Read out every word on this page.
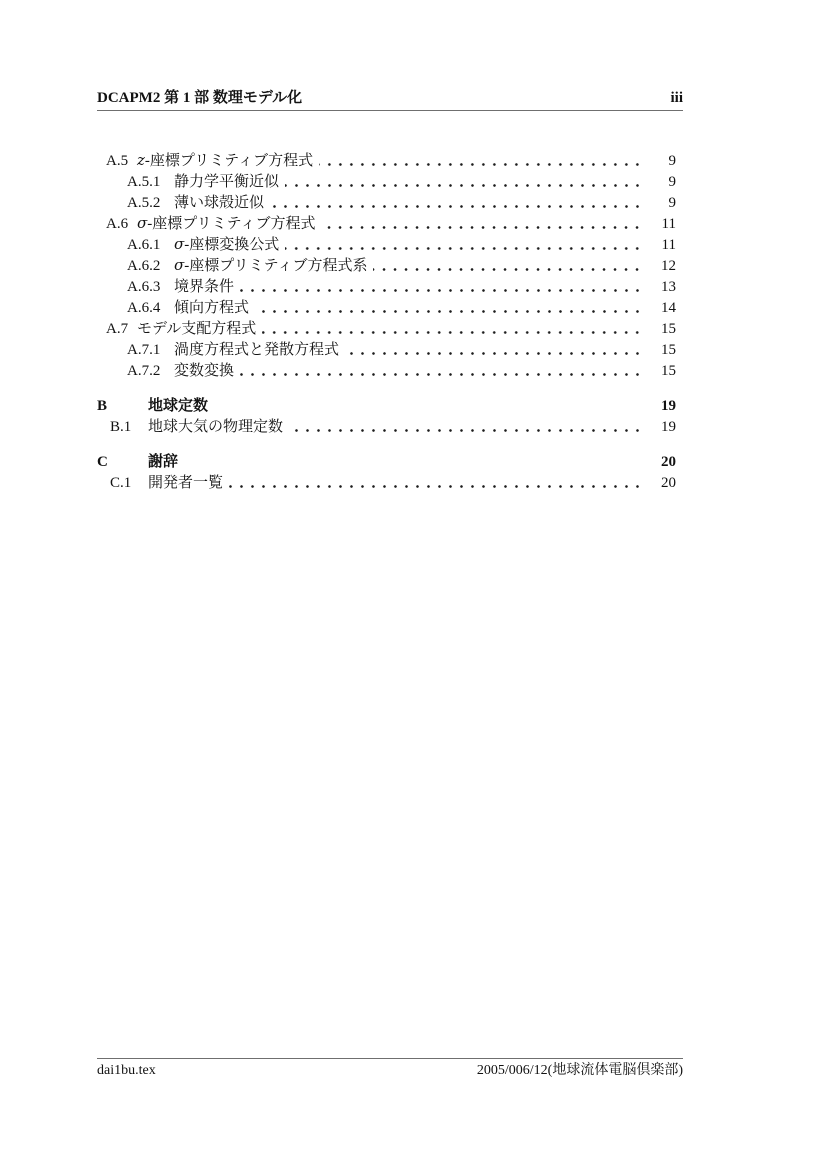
DCAPM2 第 1 部 数理モデル化	iii
A.5 z-座標プリミティブ方程式	9
A.5.1 静力学平衡近似	9
A.5.2 薄い球殻近似	9
A.6 σ-座標プリミティブ方程式	11
A.6.1 σ-座標変換公式	11
A.6.2 σ-座標プリミティブ方程式系	12
A.6.3 境界条件	13
A.6.4 傾向方程式	14
A.7 モデル支配方程式	15
A.7.1 渦度方程式と発散方程式	15
A.7.2 変数変換	15
B	地球定数	19
B.1	地球大気の物理定数	19
C	謝辞	20
C.1	開発者一覧	20
dai1bu.tex	2005/006/12(地球流体電脳倶楽部)
